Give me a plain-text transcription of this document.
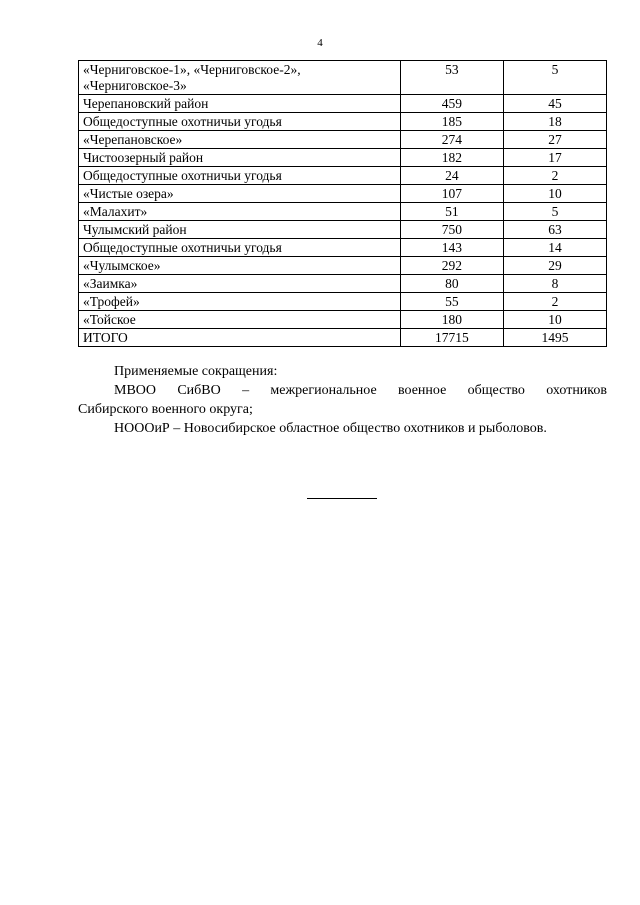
4
«Черниговское-1», «Черниговское-2», «Черниговское-3»	53	5
Черепановский район	459	45
Общедоступные охотничьи угодья	185	18
«Черепановское»	274	27
Чистоозерный район	182	17
Общедоступные охотничьи угодья	24	2
«Чистые озера»	107	10
«Малахит»	51	5
Чулымский район	750	63
Общедоступные охотничьи угодья	143	14
«Чулымское»	292	29
«Заимка»	80	8
«Трофей»	55	2
«Тойское	180	10
ИТОГО	17715	1495

Применяемые сокращения:

МВОО СибВО – межрегиональное военное общество охотников

Сибирского военного округа;

НОООиР – Новосибирское областное общество охотников и рыболовов.
